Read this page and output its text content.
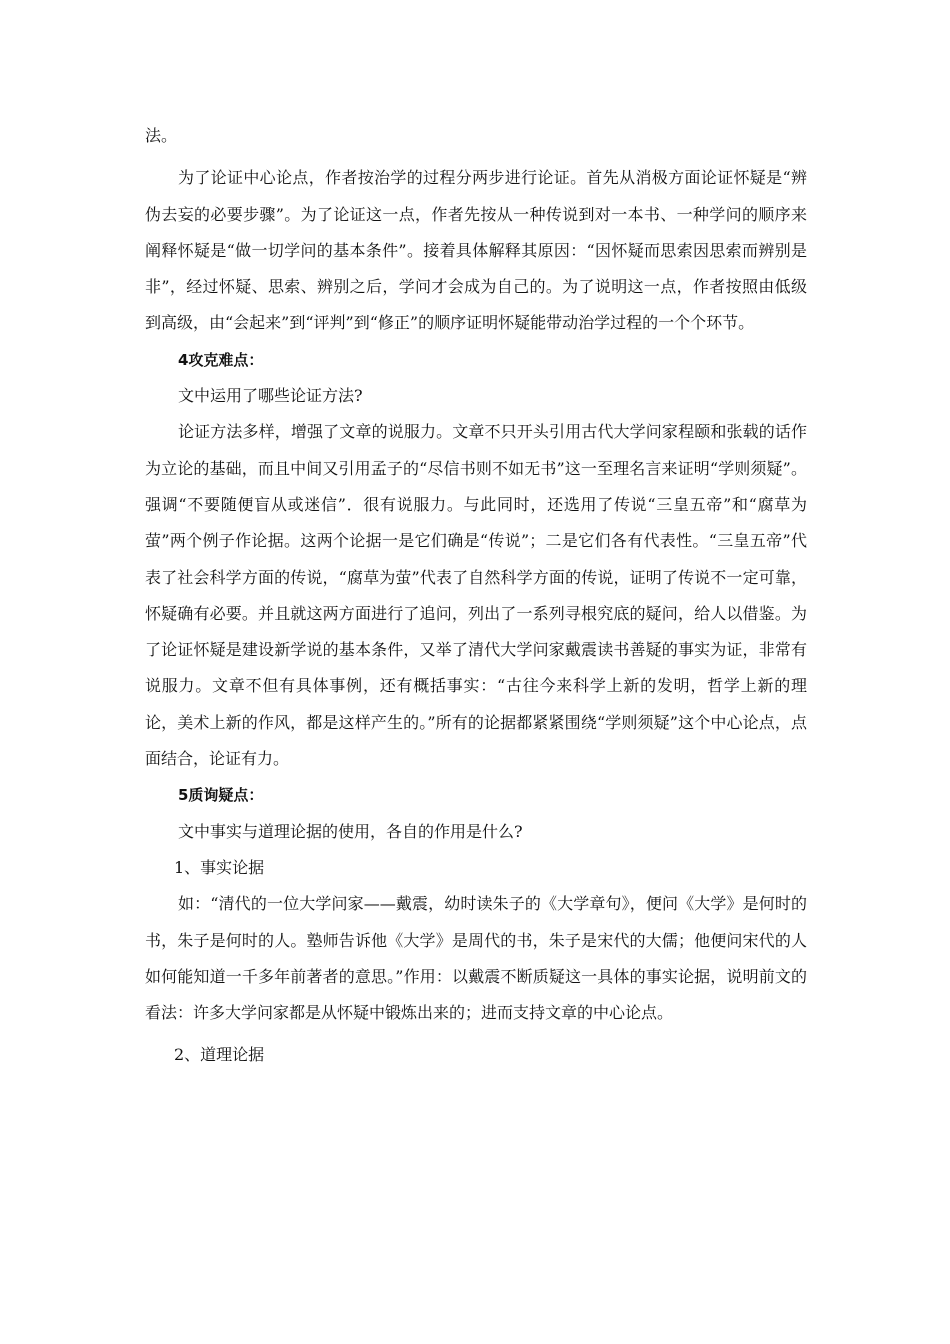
法。

为了论证中心论点，作者按治学的过程分两步进行论证。首先从消极方面论证怀疑是“辨伪去妄的必要步骤”。为了论证这一点，作者先按从一种传说到对一本书、一种学问的顺序来阐释怀疑是“做一切学问的基本条件”。接着具体解释其原因：“因怀疑而思索因思索而辨别是非”，经过怀疑、思索、辨别之后，学问才会成为自己的。为了说明这一点，作者按照由低级到高级，由“会起来”到“评判”到“修正”的顺序证明怀疑能带动治学过程的一个个环节。

4攻克难点：

文中运用了哪些论证方法?

论证方法多样，增强了文章的说服力。文章不只开头引用古代大学问家程颐和张载的话作为立论的基础，而且中间又引用孟子的“尽信书则不如无书”这一至理名言来证明“学则须疑”。强调“不要随便盲从或迷信”．很有说服力。与此同时，还选用了传说“三皇五帝”和“腐草为萤”两个例子作论据。这两个论据一是它们确是“传说”；二是它们各有代表性。“三皇五帝”代表了社会科学方面的传说，“腐草为萤”代表了自然科学方面的传说，证明了传说不一定可靠，怀疑确有必要。并且就这两方面进行了追问，列出了一系列寻根究底的疑问，给人以借鉴。为了论证怀疑是建设新学说的基本条件，又举了清代大学问家戴震读书善疑的事实为证，非常有说服力。文章不但有具体事例，还有概括事实：“古往今来科学上新的发明，哲学上新的理论，美术上新的作风，都是这样产生的。”所有的论据都紧紧围绕“学则须疑”这个中心论点，点面结合，论证有力。

5质询疑点：

文中事实与道理论据的使用，各自的作用是什么?

1、事实论据

如：“清代的一位大学问家——戴震，幼时读朱子的《大学章句》，便问《大学》是何时的书，朱子是何时的人。塾师告诉他《大学》是周代的书，朱子是宋代的大儒；他便问宋代的人如何能知道一千多年前著者的意思。”作用：以戴震不断质疑这一具体的事实论据，说明前文的看法：许多大学问家都是从怀疑中锻炼出来的；进而支持文章的中心论点。

2、道理论据
